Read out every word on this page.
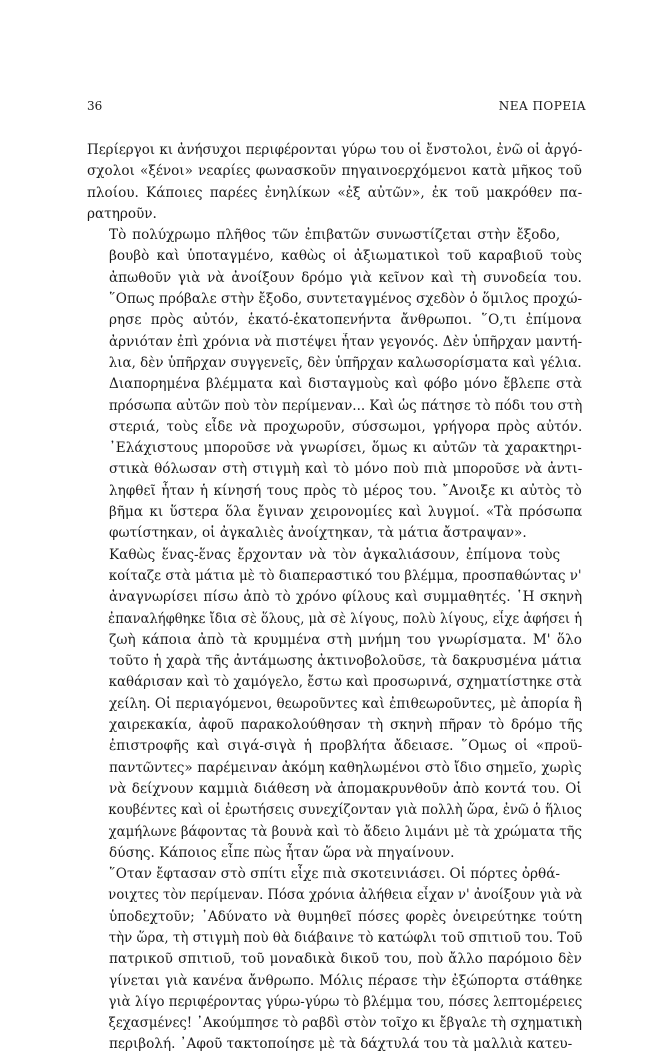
36	ΝΕΑ ΠΟΡΕΙΑ

Περίεργοι κι ἀνήσυχοι περιφέρονται γύρω του οἱ ἔνστολοι, ἐνῶ οἱ ἀργό-
σχολοι «ξένοι» νεαρίες φωνασκοῦν πηγαινοερχόμενοι κατὰ μῆκος τοῦ
πλοίου. Κάποιες παρέες ἐνηλίκων «ἐξ αὐτῶν», ἐκ τοῦ μακρόθεν πα-
ρατηροῦν.

Τὸ πολύχρωμο πλῆθος τῶν ἐπιβατῶν συνωστίζεται στὴν ἔξοδο,
βουβὸ καὶ ὑποταγμένο, καθὼς οἱ ἀξιωματικοὶ τοῦ καραβιοῦ τοὺς
ἀπωθοῦν γιὰ νὰ ἀνοίξουν δρόμο γιὰ κεῖνον καὶ τὴ συνοδεία του.
῞Οπως πρόβαλε στὴν ἔξοδο, συντεταγμένος σχεδὸν ὁ ὅμιλος προχώ-
ρησε πρὸς αὐτόν, ἑκατό-ἑκατοπενήντα ἄνθρωποι. ῞Ο,τι ἐπίμονα
ἀρνιόταν ἐπὶ χρόνια νὰ πιστέψει ἦταν γεγονός. Δὲν ὑπῆρχαν μαντή-
λια, δὲν ὑπῆρχαν συγγενεῖς, δὲν ὑπῆρχαν καλωσορίσματα καὶ γέλια.
Διαπορημένα βλέμματα καὶ δισταγμοὺς καὶ φόβο μόνο ἔβλεπε στὰ
πρόσωπα αὐτῶν ποὺ τὸν περίμεναν... Καὶ ὡς πάτησε τὸ πόδι του στὴ
στεριά, τοὺς εἶδε νὰ προχωροῦν, σύσσωμοι, γρήγορα πρὸς αὐτόν.
᾿Ελάχιστους μποροῦσε νὰ γνωρίσει, ὅμως κι αὐτῶν τὰ χαρακτηρι-
στικὰ θόλωσαν στὴ στιγμὴ καὶ τὸ μόνο ποὺ πιὰ μποροῦσε νὰ ἀντι-
ληφθεῖ ἦταν ἡ κίνησή τους πρὸς τὸ μέρος του. ῎Ανοιξε κι αὐτὸς τὸ
βῆμα κι ὕστερα ὅλα ἔγιναν χειρονομίες καὶ λυγμοί. «Τὰ πρόσωπα
φωτίστηκαν, οἱ ἀγκαλιὲς ἀνοίχτηκαν, τὰ μάτια ἄστραψαν».

Καθὼς ἕνας-ἕνας ἔρχονταν νὰ τὸν ἀγκαλιάσουν, ἐπίμονα τοὺς
κοίταζε στὰ μάτια μὲ τὸ διαπεραστικό του βλέμμα, προσπαθώντας ν'
ἀναγνωρίσει πίσω ἀπὸ τὸ χρόνο φίλους καὶ συμμαθητές. ῾Η σκηνὴ
ἐπαναλήφθηκε ἴδια σὲ ὅλους, μὰ σὲ λίγους, πολὺ λίγους, εἶχε ἀφήσει ἡ
ζωὴ κάποια ἀπὸ τὰ κρυμμένα στὴ μνήμη του γνωρίσματα. Μ' ὅλο
τοῦτο ἡ χαρὰ τῆς ἀντάμωσης ἀκτινοβολοῦσε, τὰ δακρυσμένα μάτια
καθάρισαν καὶ τὸ χαμόγελο, ἔστω καὶ προσωρινά, σχηματίστηκε στὰ
χείλη. Οἱ περιαγόμενοι, θεωροῦντες καὶ ἐπιθεωροῦντες, μὲ ἀπορία ἢ
χαιρεκακία, ἀφοῦ παρακολούθησαν τὴ σκηνὴ πῆραν τὸ δρόμο τῆς
ἐπιστροφῆς καὶ σιγά-σιγὰ ἡ προβλήτα ἄδειασε. ῞Ομως οἱ «προϋ-
παντῶντες» παρέμειναν ἀκόμη καθηλωμένοι στὸ ἴδιο σημεῖο, χωρὶς
νὰ δείχνουν καμμιὰ διάθεση νὰ ἀπομακρυνθοῦν ἀπὸ κοντά του. Οἱ
κουβέντες καὶ οἱ ἐρωτήσεις συνεχίζονταν γιὰ πολλὴ ὥρα, ἐνῶ ὁ ἥλιος
χαμήλωνε βάφοντας τὰ βουνὰ καὶ τὸ ἄδειο λιμάνι μὲ τὰ χρώματα τῆς
δύσης. Κάποιος εἶπε πὼς ἦταν ὥρα νὰ πηγαίνουν.

῞Οταν ἔφτασαν στὸ σπίτι εἶχε πιὰ σκοτεινιάσει. Οἱ πόρτες ὀρθά-
νοιχτες τὸν περίμεναν. Πόσα χρόνια ἀλήθεια εἶχαν ν' ἀνοίξουν γιὰ νὰ
ὑποδεχτοῦν; ᾿Αδύνατο νὰ θυμηθεῖ πόσες φορὲς ὀνειρεύτηκε τούτη
τὴν ὥρα, τὴ στιγμὴ ποὺ θὰ διάβαινε τὸ κατώφλι τοῦ σπιτιοῦ του. Τοῦ
πατρικοῦ σπιτιοῦ, τοῦ μοναδικὰ δικοῦ του, ποὺ ἄλλο παρόμοιο δὲν
γίνεται γιὰ κανένα ἄνθρωπο. Μόλις πέρασε τὴν ἐξώπορτα στάθηκε
γιὰ λίγο περιφέροντας γύρω-γύρω τὸ βλέμμα του, πόσες λεπτομέρειες
ξεχασμένες! ᾿Ακούμπησε τὸ ραβδὶ στὸν τοῖχο κι ἔβγαλε τὴ σχηματικὴ
περιβολή. ᾿Αφοῦ τακτοποίησε μὲ τὰ δάχτυλά του τὰ μαλλιὰ κατευ-
